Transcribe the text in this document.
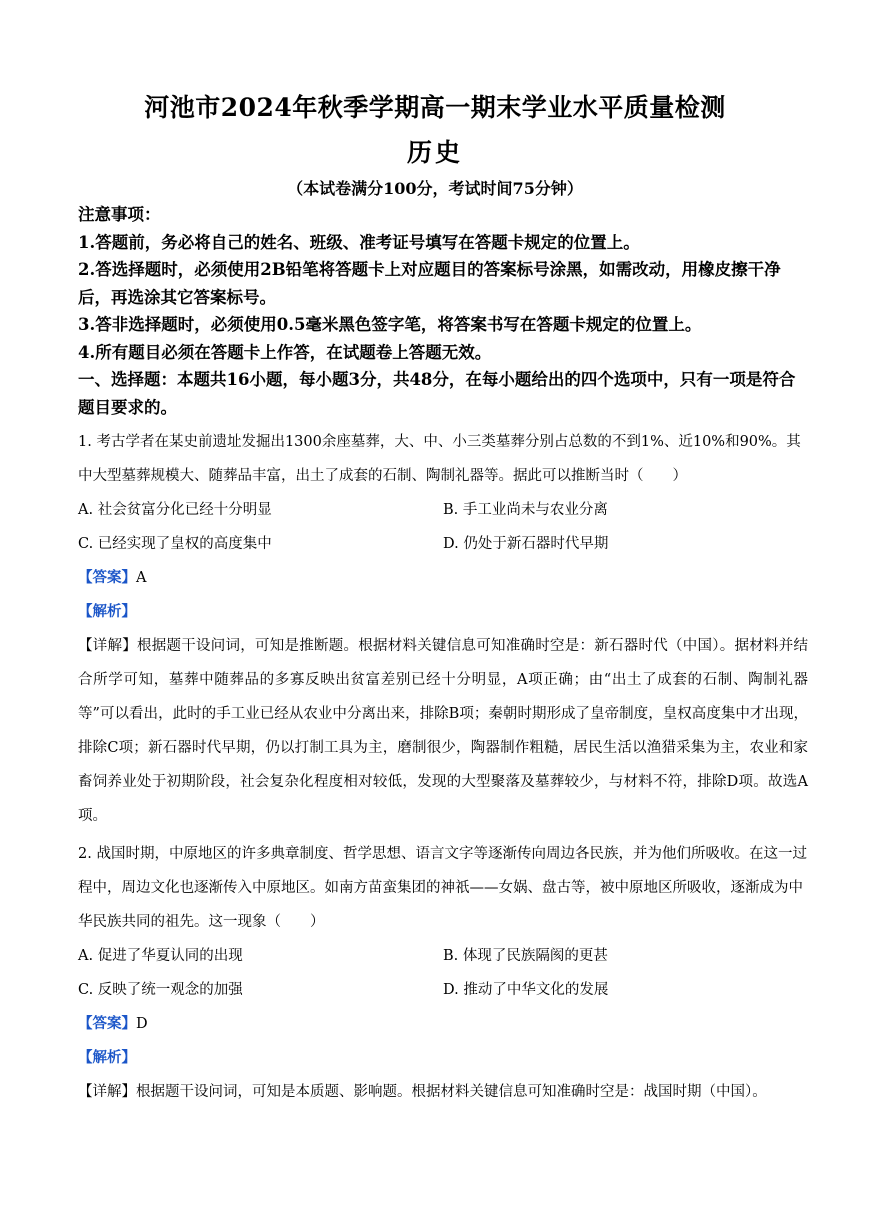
河池市2024年秋季学期高一期末学业水平质量检测
历史
（本试卷满分100分，考试时间75分钟）
注意事项：
1.答题前，务必将自己的姓名、班级、准考证号填写在答题卡规定的位置上。
2.答选择题时，必须使用2B铅笔将答题卡上对应题目的答案标号涂黑，如需改动，用橡皮擦干净后，再选涂其它答案标号。
3.答非选择题时，必须使用0.5毫米黑色签字笔，将答案书写在答题卡规定的位置上。
4.所有题目必须在答题卡上作答，在试题卷上答题无效。
一、选择题：本题共16小题，每小题3分，共48分，在每小题给出的四个选项中，只有一项是符合题目要求的。
1. 考古学者在某史前遗址发掘出1300余座墓葬，大、中、小三类墓葬分别占总数的不到1%、近10%和90%。其中大型墓葬规模大、随葬品丰富，出土了成套的石制、陶制礼器等。据此可以推断当时（　　）
A. 社会贫富分化已经十分明显	B. 手工业尚未与农业分离
C. 已经实现了皇权的高度集中	D. 仍处于新石器时代早期
【答案】A
【解析】
【详解】根据题干设问词，可知是推断题。根据材料关键信息可知准确时空是：新石器时代（中国）。据材料并结合所学可知，墓葬中随葬品的多寡反映出贫富差别已经十分明显，A项正确；由“出土了成套的石制、陶制礼器等”可以看出，此时的手工业已经从农业中分离出来，排除B项；秦朝时期形成了皇帝制度，皇权高度集中才出现，排除C项；新石器时代早期，仍以打制工具为主，磨制很少，陶器制作粗糙，居民生活以渔猎采集为主，农业和家畜饲养业处于初期阶段，社会复杂化程度相对较低，发现的大型聚落及墓葬较少，与材料不符，排除D项。故选A项。
2. 战国时期，中原地区的许多典章制度、哲学思想、语言文字等逐渐传向周边各民族，并为他们所吸收。在这一过程中，周边文化也逐渐传入中原地区。如南方苗蛮集团的神祇——女娲、盘古等，被中原地区所吸收，逐渐成为中华民族共同的祖先。这一现象（　　）
A. 促进了华夏认同的出现	B. 体现了民族隔阂的更甚
C. 反映了统一观念的加强	D. 推动了中华文化的发展
【答案】D
【解析】
【详解】根据题干设问词，可知是本质题、影响题。根据材料关键信息可知准确时空是：战国时期（中国）。
